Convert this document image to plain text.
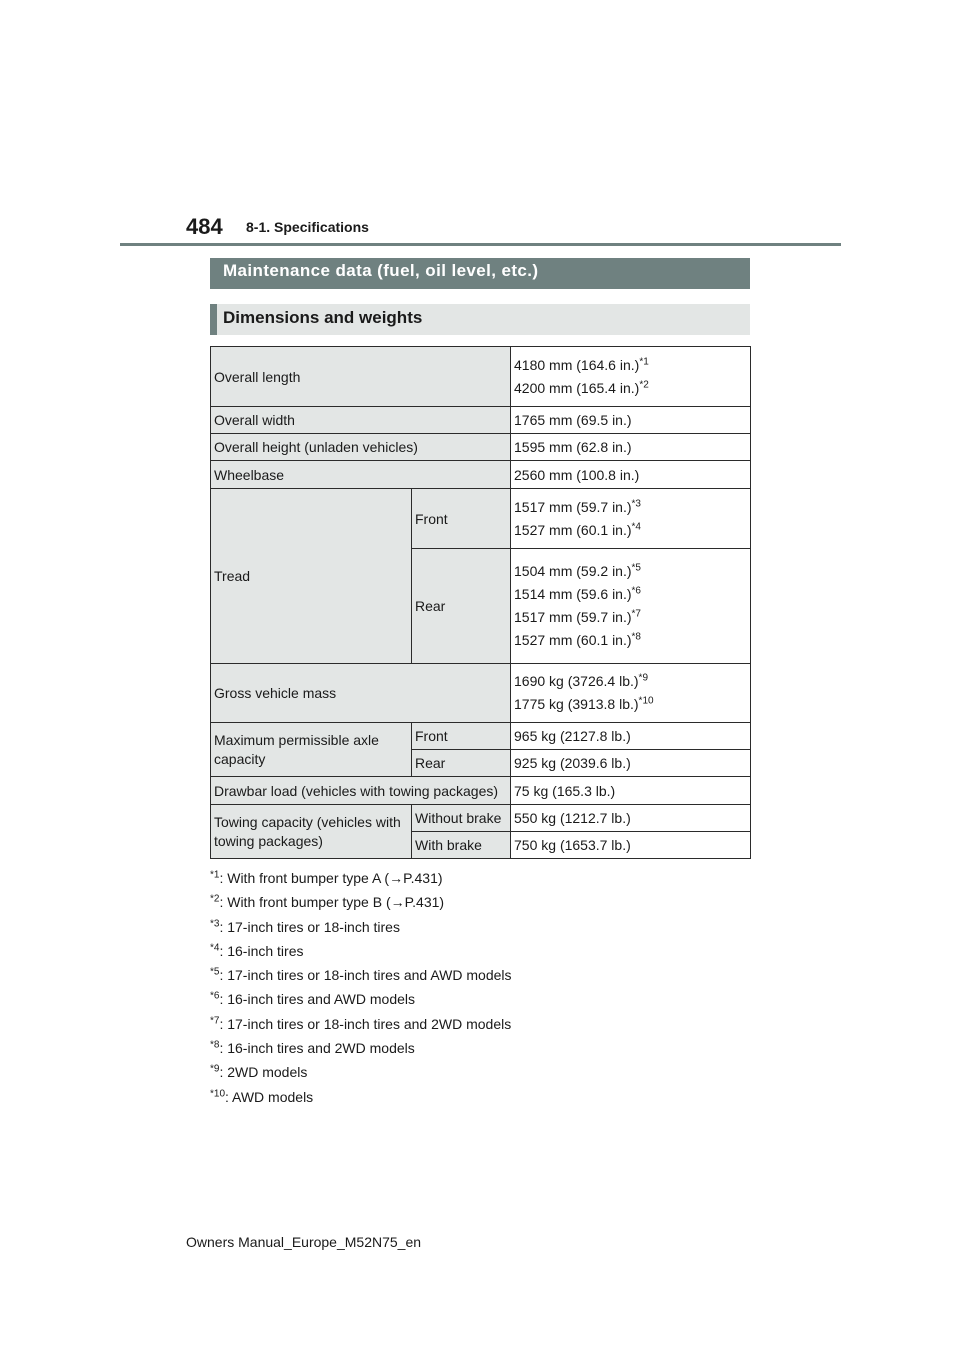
484 8-1. Specifications
Maintenance data (fuel, oil level, etc.)
Dimensions and weights
Overall length		4180 mm (164.6 in.)$^{*1}$
4200 mm (165.4 in.)$^{*2}$

Overall width		1765 mm (69.5 in.)
Overall height (unladen vehicles)		1595 mm (62.8 in.)
Wheelbase		2560 mm (100.8 in.)
Tread	Front	1517 mm (59.7 in.)$^{*3}$
1527 mm (60.1 in.)$^{*4}$

	Rear	1504 mm (59.2 in.)$^{*5}$
1514 mm (59.6 in.)$^{*6}$
1517 mm (59.7 in.)$^{*7}$
1527 mm (60.1 in.)$^{*8}$

Gross vehicle mass		1690 kg (3726.4 lb.)$^{*9}$
1775 kg (3913.8 lb.)$^{*10}$

Maximum permissible axle capacity	Front	965 kg (2127.8 lb.)
	Rear	925 kg (2039.6 lb.)
Drawbar load (vehicles with towing packages)		75 kg (165.3 lb.)
Towing capacity (vehicles with towing packages)	Without brake	550 kg (1212.7 lb.)
	With brake	750 kg (1653.7 lb.)
$^{*1}$: With front bumper type A (→P.431)
$^{*2}$: With front bumper type B (→P.431)
$^{*3}$: 17-inch tires or 18-inch tires
$^{*4}$: 16-inch tires
$^{*5}$: 17-inch tires or 18-inch tires and AWD models
$^{*6}$: 16-inch tires and AWD models
$^{*7}$: 17-inch tires or 18-inch tires and 2WD models
$^{*8}$: 16-inch tires and 2WD models
$^{*9}$: 2WD models
$^{*10}$: AWD models
Owners Manual_Europe_M52N75_en
